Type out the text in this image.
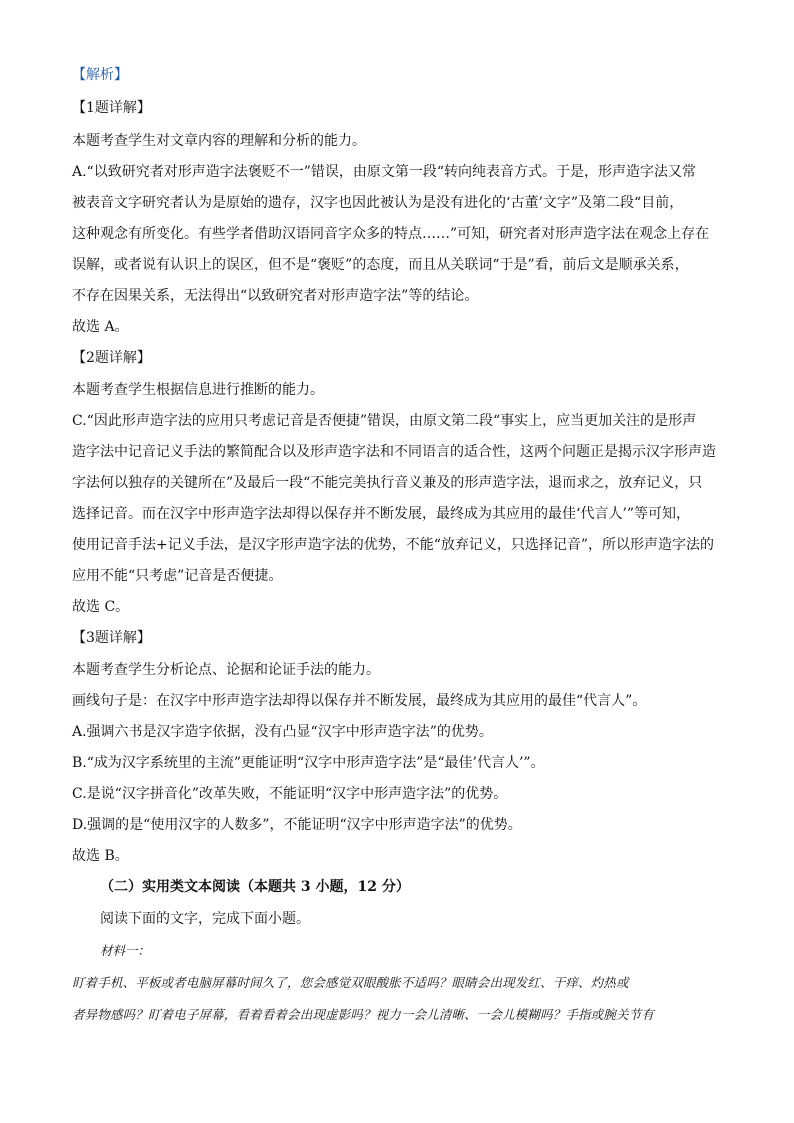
【解析】
【1题详解】
本题考查学生对文章内容的理解和分析的能力。
A.“以致研究者对形声造字法褒贬不一”错误，由原文第一段“转向纯表音方式。于是，形声造字法又常
被表音文字研究者认为是原始的遗存，汉字也因此被认为是没有进化的‘古董’文字”及第二段“目前，
这种观念有所变化。有些学者借助汉语同音字众多的特点……”可知，研究者对形声造字法在观念上存在
误解，或者说有认识上的误区，但不是“褒贬”的态度，而且从关联词“于是”看，前后文是顺承关系，
不存在因果关系，无法得出“以致研究者对形声造字法”等的结论。
故选 A。
【2题详解】
本题考查学生根据信息进行推断的能力。
C.“因此形声造字法的应用只考虑记音是否便捷”错误，由原文第二段“事实上，应当更加关注的是形声
造字法中记音记义手法的繁简配合以及形声造字法和不同语言的适合性，这两个问题正是揭示汉字形声造
字法何以独存的关键所在”及最后一段“不能完美执行音义兼及的形声造字法，退而求之，放弃记义，只
选择记音。而在汉字中形声造字法却得以保存并不断发展，最终成为其应用的最佳‘代言人’”等可知，
使用记音手法+记义手法，是汉字形声造字法的优势，不能“放弃记义，只选择记音”，所以形声造字法的
应用不能“只考虑”记音是否便捷。
故选 C。
【3题详解】
本题考查学生分析论点、论据和论证手法的能力。
画线句子是：在汉字中形声造字法却得以保存并不断发展，最终成为其应用的最佳“代言人”。
A.强调六书是汉字造字依据，没有凸显“汉字中形声造字法”的优势。
B.“成为汉字系统里的主流”更能证明“汉字中形声造字法”是“最佳’代言人’”。
C.是说“汉字拼音化”改革失败，不能证明“汉字中形声造字法”的优势。
D.强调的是“使用汉字的人数多”，不能证明“汉字中形声造字法”的优势。
故选 B。
（二）实用类文本阅读（本题共 3 小题，12 分）
阅读下面的文字，完成下面小题。
材料一：
盯着手机、平板或者电脑屏幕时间久了，您会感觉双眼酸胀不适吗？眼睛会出现发红、干痒、灼热或
者异物感吗？盯着电子屏幕，看着看着会出现虚影吗？视力一会儿清晰、一会儿模糊吗？手指或腕关节有
